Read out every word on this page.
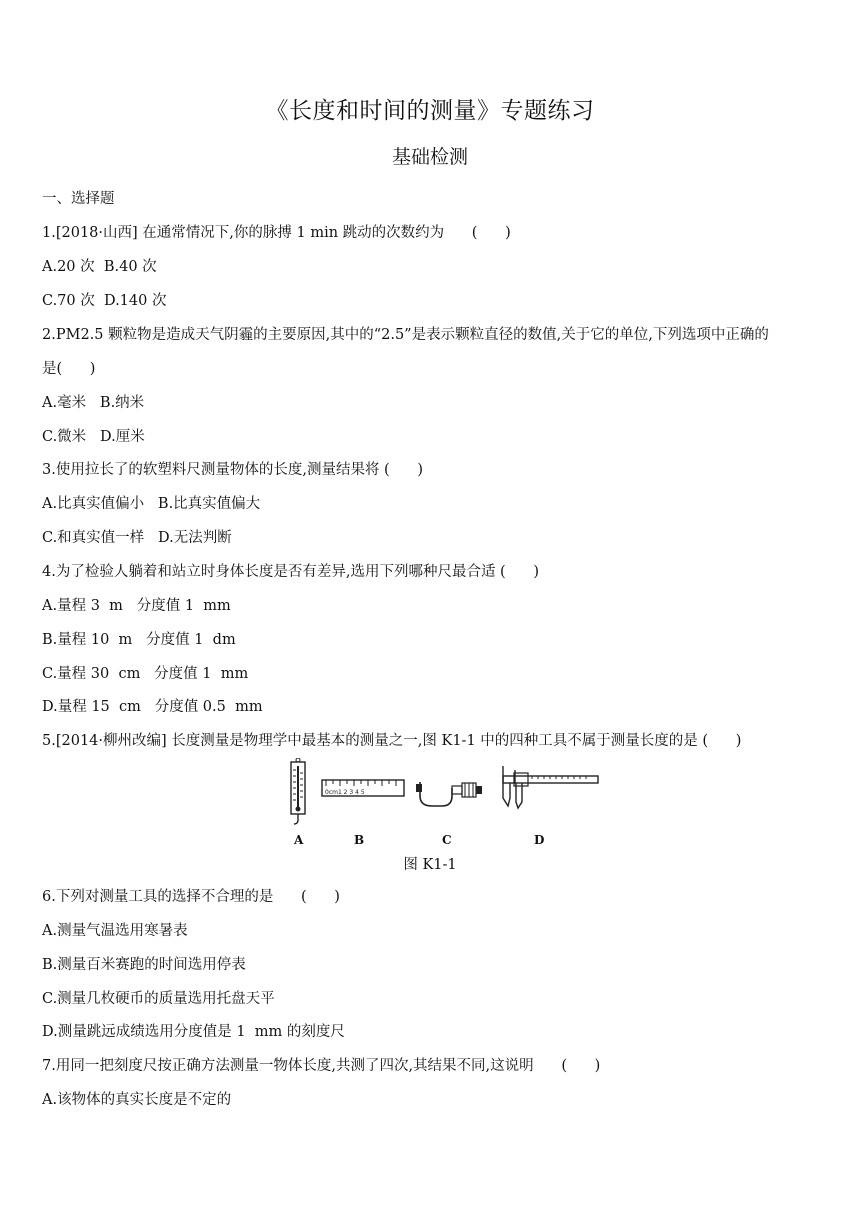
《长度和时间的测量》专题练习
基础检测
一、选择题
1.[2018·山西] 在通常情况下,你的脉搏 1 min 跳动的次数约为      (      )
A.20 次  B.40 次
C.70 次  D.140 次
2.PM2.5 颗粒物是造成天气阴霾的主要原因,其中的“2.5”是表示颗粒直径的数值,关于它的单位,下列选项中正确的
是(      )
A.毫米   B.纳米
C.微米   D.厘米
3.使用拉长了的软塑料尺测量物体的长度,测量结果将 (      )
A.比真实值偏小   B.比真实值偏大
C.和真实值一样   D.无法判断
4.为了检验人躺着和站立时身体长度是否有差异,选用下列哪种尺最合适 (      )
A.量程 3  m   分度值 1  mm
B.量程 10  m   分度值 1  dm
C.量程 30  cm   分度值 1  mm
D.量程 15  cm   分度值 0.5  mm
5.[2014·柳州改编] 长度测量是物理学中最基本的测量之一,图 K1-1 中的四种工具不属于测量长度的是 (      )
0cm1 2 3 4 5
A	B	C	D
图 K1-1
6.下列对测量工具的选择不合理的是      (      )
A.测量气温选用寒暑表
B.测量百米赛跑的时间选用停表
C.测量几枚硬币的质量选用托盘天平
D.测量跳远成绩选用分度值是 1  mm 的刻度尺
7.用同一把刻度尺按正确方法测量一物体长度,共测了四次,其结果不同,这说明      (      )
A.该物体的真实长度是不定的
